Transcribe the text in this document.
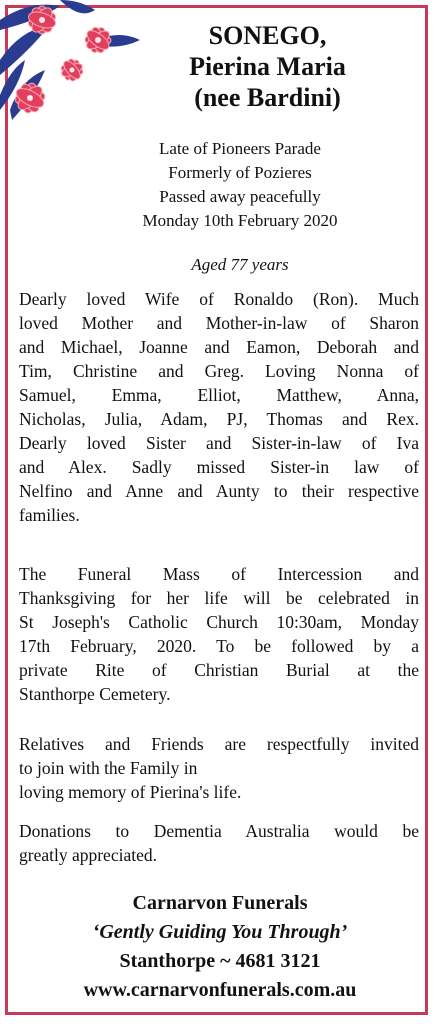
SONEGO,
Pierina Maria
(nee Bardini)
Late of Pioneers Parade
Formerly of Pozieres
Passed away peacefully
Monday 10th February 2020
Aged 77 years
Dearly loved Wife of Ronaldo (Ron). Much
loved Mother and Mother-in-law of Sharon
and Michael, Joanne and Eamon, Deborah and
Tim, Christine and Greg. Loving Nonna of
Samuel, Emma, Elliot, Matthew, Anna,
Nicholas, Julia, Adam, PJ, Thomas and Rex.
Dearly loved Sister and Sister-in-law of Iva
and Alex. Sadly missed Sister-in law of
Nelfino and Anne and Aunty to their respective
families.
The Funeral Mass of Intercession and
Thanksgiving for her life will be celebrated in
St Joseph's Catholic Church 10:30am, Monday
17th February, 2020. To be followed by a
private Rite of Christian Burial at the
Stanthorpe Cemetery.
Relatives and Friends are respectfully invited
to join with the Family in
loving memory of Pierina's life.
Donations to Dementia Australia would be
greatly appreciated.
Carnarvon Funerals
‘Gently Guiding You Through’
Stanthorpe ~ 4681 3121
www.carnarvonfunerals.com.au
